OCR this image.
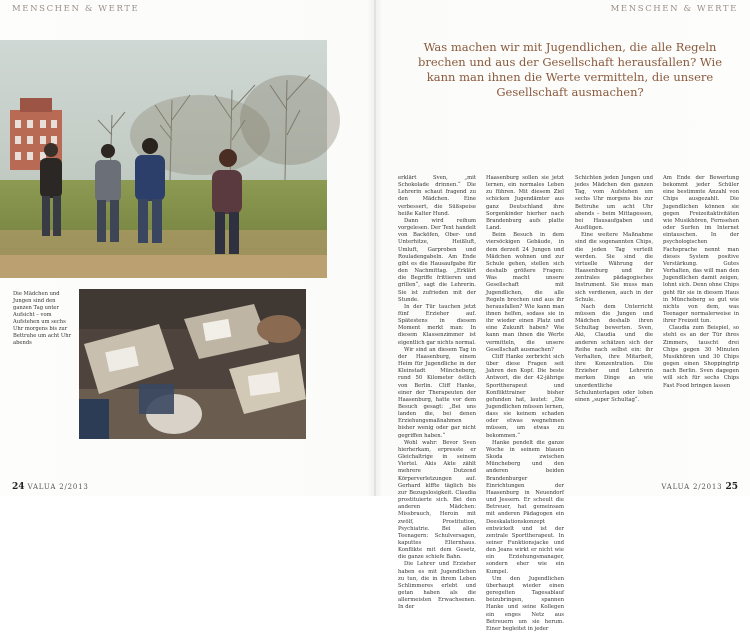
MENSCHEN & WERTE	MENSCHEN & WERTE
Die Mädchen und Jungen sind den ganzen Tag unter Aufsicht – vom Aufstehen um sechs Uhr morgens bis zur Bettruhe um acht Uhr abends
Was machen wir mit Jugendlichen, die alle Regeln brechen und aus der Gesellschaft herausfallen? Wie kann man ihnen die Werte vermitteln, die unsere Gesellschaft ausmachen?

erklärt Sven, „mit Schokolade drinnen.“ Die Lehrerin schaut fragend zu den Mädchen. Eine verbessert, die Süßspeise heiße Kalter Hund.

Dann wird reihum vorgelesen. Der Text handelt von Backöfen, Ober- und Unterhitze, Heißluft, Umluft, Garproben und Rouladengabeln. Am Ende gibt es die Hausaufgabe für den Nachmittag. „Erklärt die Begriffe frittieren und grillen“, sagt die Lehrerin. Sie ist zufrieden mit der Stunde.

In der Tür tauchen jetzt fünf Erzieher auf. Spätestens in diesem Moment merkt man: In diesem Klassenzimmer ist eigentlich gar nichts normal.

Wir sind an diesem Tag in der Haasenburg, einem Heim für Jugendliche in der Kleinstadt Müncheberg, rund 50 Kilometer östlich von Berlin. Cliff Hanke, einer der Therapeuten der Haasenburg, hatte vor dem Besuch gesagt: „Bei uns landen die, bei denen Erziehungsmaßnahmen bisher wenig oder gar nicht gegriffen haben.“

Wohl wahr: Bevor Sven hierherkam, erpresste er Gleichaltrige in seinem Viertel. Akis Akte zählt mehrere Dutzend Körperverletzungen auf. Gerhard klffte täglich bis zur Bezugslosigkeit. Claudia prostituierte sich. Bei den anderen Mädchen: Missbrauch, Heroin mit zwölf, Prostitution, Psychiatrie. Bei allen Teenagern: Schulversagen, kaputtes Elternhaus. Konflikte mit dem Gesetz, die ganze schiefe Bahn.

Die Lehrer und Erzieher haben es mit Jugendlichen zu tun, die in ihrem Leben Schlimmeres erlebt und getan haben als die allermeisten Erwachsenen. In der

Haasenburg sollen sie jetzt lernen, ein normales Leben zu führen. Mit diesem Ziel schicken Jugendämter aus ganz Deutschland ihre Sorgenkinder hierher nach Brandenburg aufs platte Land.

Beim Besuch in dem viersöckigen Gebäude, in dem derzeit 24 Jungen und Mädchen wohnen und zur Schule gehen, stellen sich deshalb größere Fragen: Was macht unsere Gesellschaft mit Jugendlichen, die alle Regeln brechen und aus ihr herausfallen? Wie kann man ihnen helfen, sodass sie in ihr wieder einen Platz und eine Zukunft haben? Wie kann man ihnen die Werte vermitteln, die unsere Gesellschaft ausmachen?

Cliff Hanke zerbricht sich über diese Fragen seit Jahren den Kopf. Die beste Antwort, die der 42-jährige Sporttherapeut und Konflikttrainer bisher gefunden hat, lautet: „Die Jugendlichen müssen lernen, dass sie keinem schaden oder etwas wegnehmen müssen, um etwas zu bekommen.“

Hanke pendelt die ganze Woche in seinem blauen Skoda zwischen Müncheberg und den anderen beiden Brandenburger Einrichtungen der Haasenburg in Neuendorf und Jessern. Er scheult die Betreuer, hat gemeinsam mit anderen Pädagogen ein Deeskalationskonzept entwickelt und ist der zentrale Sporttherapeut. In seiner Funktionsjacke und den Jeans wirkt er nicht wie ein Erziehungsmanager, sondern eher wie ein Kumpel.

Um den Jugendlichen überhaupt wieder einen geregelten Tagesablauf beizubringen, spannen Hanke und seine Kollegen ein enges Netz aus Betreuern um sie herum. Einer begleitet in jeder

Schichten jeden Jungen und jedes Mädchen den ganzen Tag, vom Aufstehen um sechs Uhr morgens bis zur Bettruhe um acht Uhr abends – beim Mittagessen, bei Hausaufgaben und Ausflügen.

Eine weitere Maßnahme sind die sogenannten Chips, die jeden Tag verteilt werden. Sie sind die virtuelle Währung der Haasenburg und ihr zentrales pädagogisches Instrument. Sie muss man sich verdienen, auch in der Schule.

Nach dem Unterricht müssen die Jungen und Mädchen deshalb ihren Schultag bewerten. Sven, Aki, Claudia und die anderen schätzen sich der Reihe nach selbst ein: ihr Verhalten, ihre Mitarbeit, ihre Konzentration. Die Erzieher und Lehrerin merken Dinge an wie unordentliche Schulunterlagen oder loben einen „super Schultag“.

Am Ende der Bewertung bekommt jeder Schüler eine bestimmte Anzahl von Chips ausgezahlt. Die Jugendlichen können sie gegen Freizeitaktivitäten wie Musikhören, Fernsehen oder Surfen im Internet eintauschen. In der psychologischen Fachsprache nennt man dieses System positive Verstärkung. Gutes Verhalten, das will man den Jugendlichen damit zeigen, lohnt sich. Denn ohne Chips geht für sie in diesem Haus in Müncheberg so gut wie nichts von dem, was Teenager normalerweise in ihrer Freizeit tun.

Claudia zum Beispiel, so steht es an der Tür ihres Zimmers, tauscht drei Chips gegen 30 Minuten Musikhören und 30 Chips gegen einen Shoppingtrip nach Berlin. Sven dagegen will sich für sechs Chips Fast Food bringen lassen

24 VALUA 2/2013	VALUA 2/2013 25
